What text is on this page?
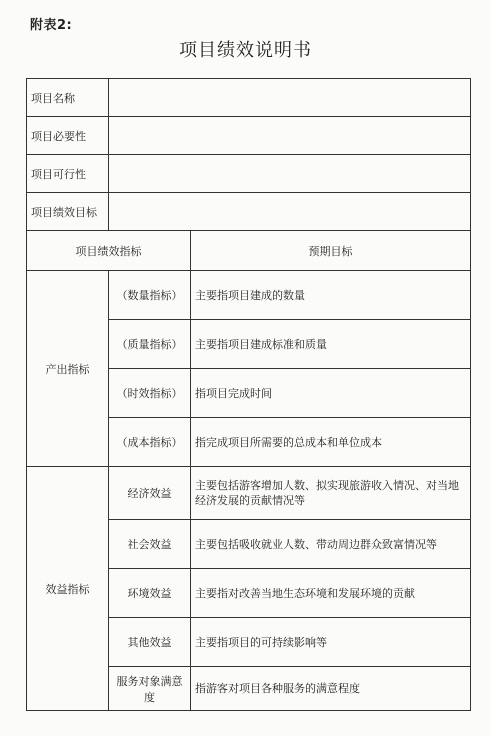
附表2:
项目绩效说明书
项目名称		
项目必要性		
项目可行性		
项目绩效目标		
项目绩效指标		预期目标
产出指标	（数量指标）	主要指项目建成的数量
	（质量指标）	主要指项目建成标准和质量
	（时效指标）	指项目完成时间
	（成本指标）	指完成项目所需要的总成本和单位成本
效益指标	经济效益	主要包括游客增加人数、拟实现旅游收入情况、对当地经济发展的贡献情况等
	社会效益	主要包括吸收就业人数、带动周边群众致富情况等
	环境效益	主要指对改善当地生态环境和发展环境的贡献
	其他效益	主要指项目的可持续影响等
	服务对象满意度	指游客对项目各种服务的满意程度
